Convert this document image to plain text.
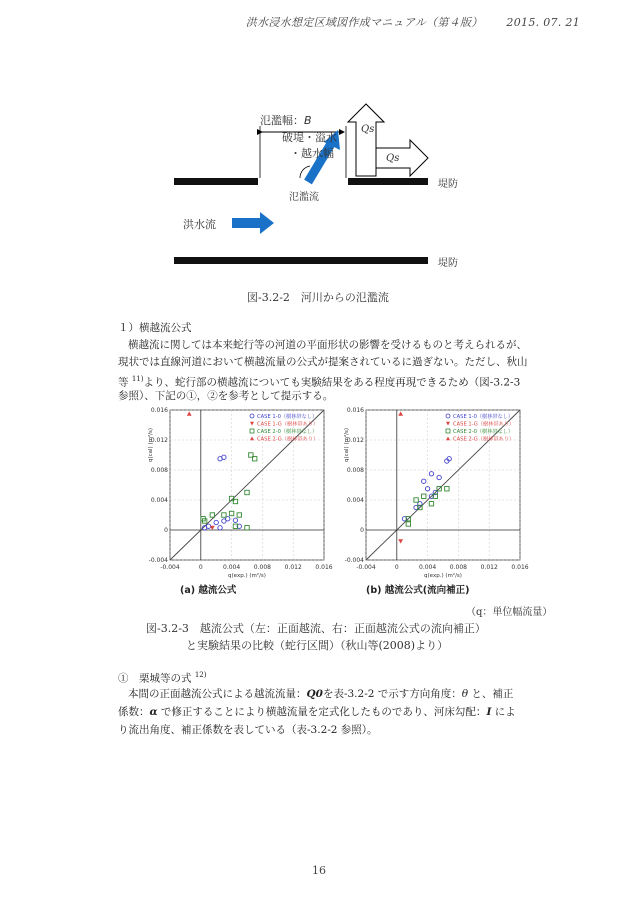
洪水浸水想定区域図作成マニュアル（第４版） 2015. 07. 21
氾濫幅：B
破堤・溢水
・越水幅
氾濫流
Qs
Qs
堤防
堤防
洪水流
図-3.2-2　河川からの氾濫流
１）横越流公式
横越流に関しては本来蛇行等の河道の平面形状の影響を受けるものと考えられるが、
現状では直線河道において横越流量の公式が提案されているに過ぎない。ただし、秋山
等 $^{11)}$より、蛇行部の横越流についても実験結果をある程度再現できるため（図-3.2-3
参照）、下記の①，②を参考として提示する。
-0.004	0	0.004 0.008 0.012 0.016
-0.004
0
0.004
0.008
0.012
0.016
CASE 1-0（樹林帯なし）
CASE 1-G（樹林帯あり）
CASE 2-0（樹林帯なし）
CASE 2-G（樹林帯あり）
q(exp.) (m²/s)
q(cal) (m²/s)
(a) 越流公式
-0.004	0	0.004 0.008 0.012 0.016
-0.004
0
0.004
0.008
0.012
0.016
CASE 1-0（樹林帯なし）
CASE 1-G（樹林帯あり）
CASE 2-0（樹林帯なし）
CASE 2-G（樹林帯あり）
q(exp.) (m²/s)
q(cal) (m²/s)
(b) 越流公式(流向補正)
（q：単位幅流量）
図-3.2-3　越流公式（左：正面越流、右：正面越流公式の流向補正）
と実験結果の比較（蛇行区間）（秋山等(2008)より）
①　栗城等の式 $^{12)}$
本間の正面越流公式による越流流量：Q0を表-3.2-2 で示す方向角度：θ と、補正
係数：α で修正することにより横越流量を定式化したものであり、河床勾配：I によ
り流出角度、補正係数を表している（表-3.2-2 参照）。
16
